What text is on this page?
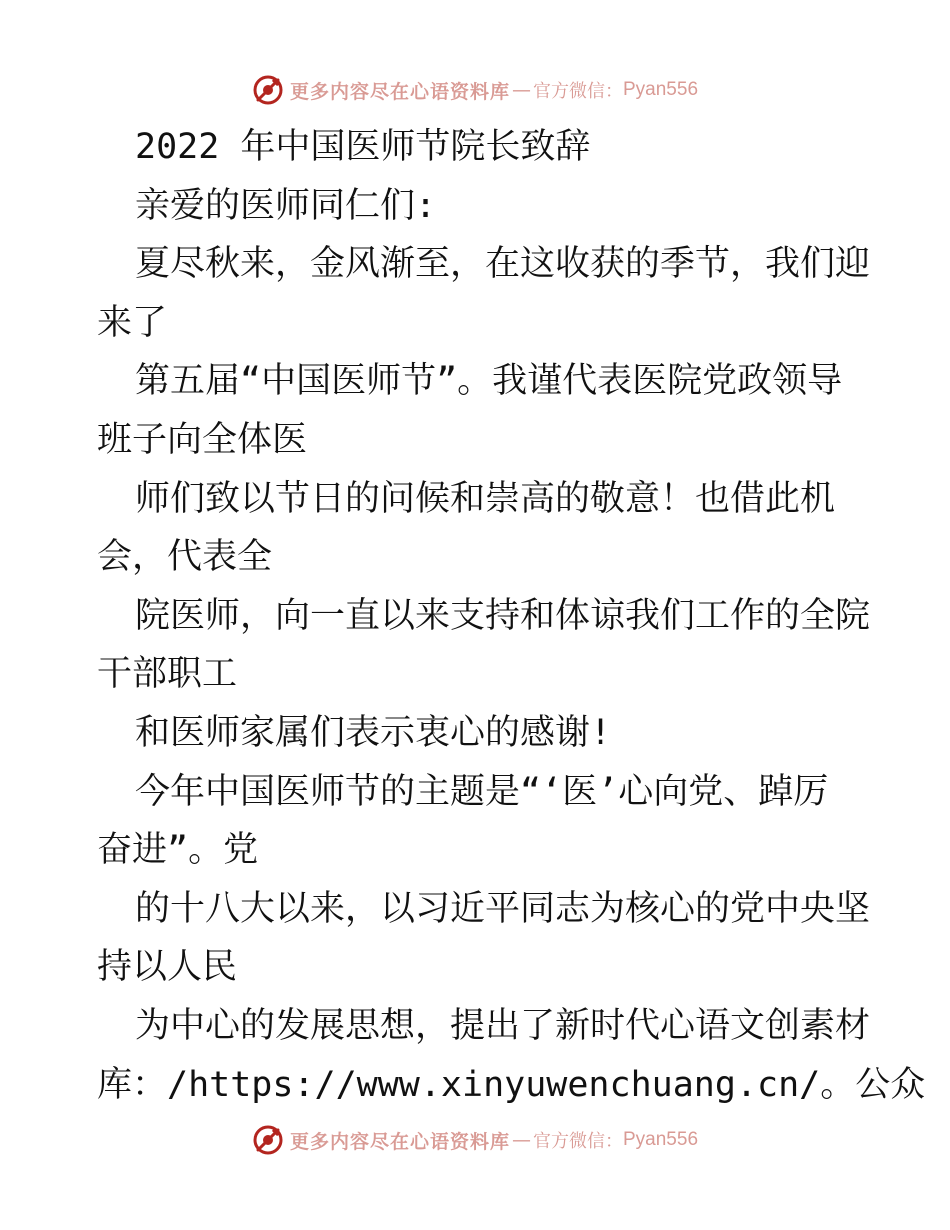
更多内容尽在心语资料库 — 官方微信： Pyan556
2022 年中国医师节院长致辞
亲爱的医师同仁们:
夏尽秋来，金风渐至，在这收获的季节，我们迎
来了
第五届“中国医师节”。我谨代表医院党政领导
班子向全体医
师们致以节日的问候和崇高的敬意！也借此机
会，代表全
院医师，向一直以来支持和体谅我们工作的全院
干部职工
和医师家属们表示衷心的感谢!
今年中国医师节的主题是“‘医’心向党、踔厉
奋进”。党
的十八大以来，以习近平同志为核心的党中央坚
持以人民
为中心的发展思想，提出了新时代心语文创素材
库：/https://www.xinyuwenchuang.cn/。公众
更多内容尽在心语资料库 — 官方微信： Pyan556
